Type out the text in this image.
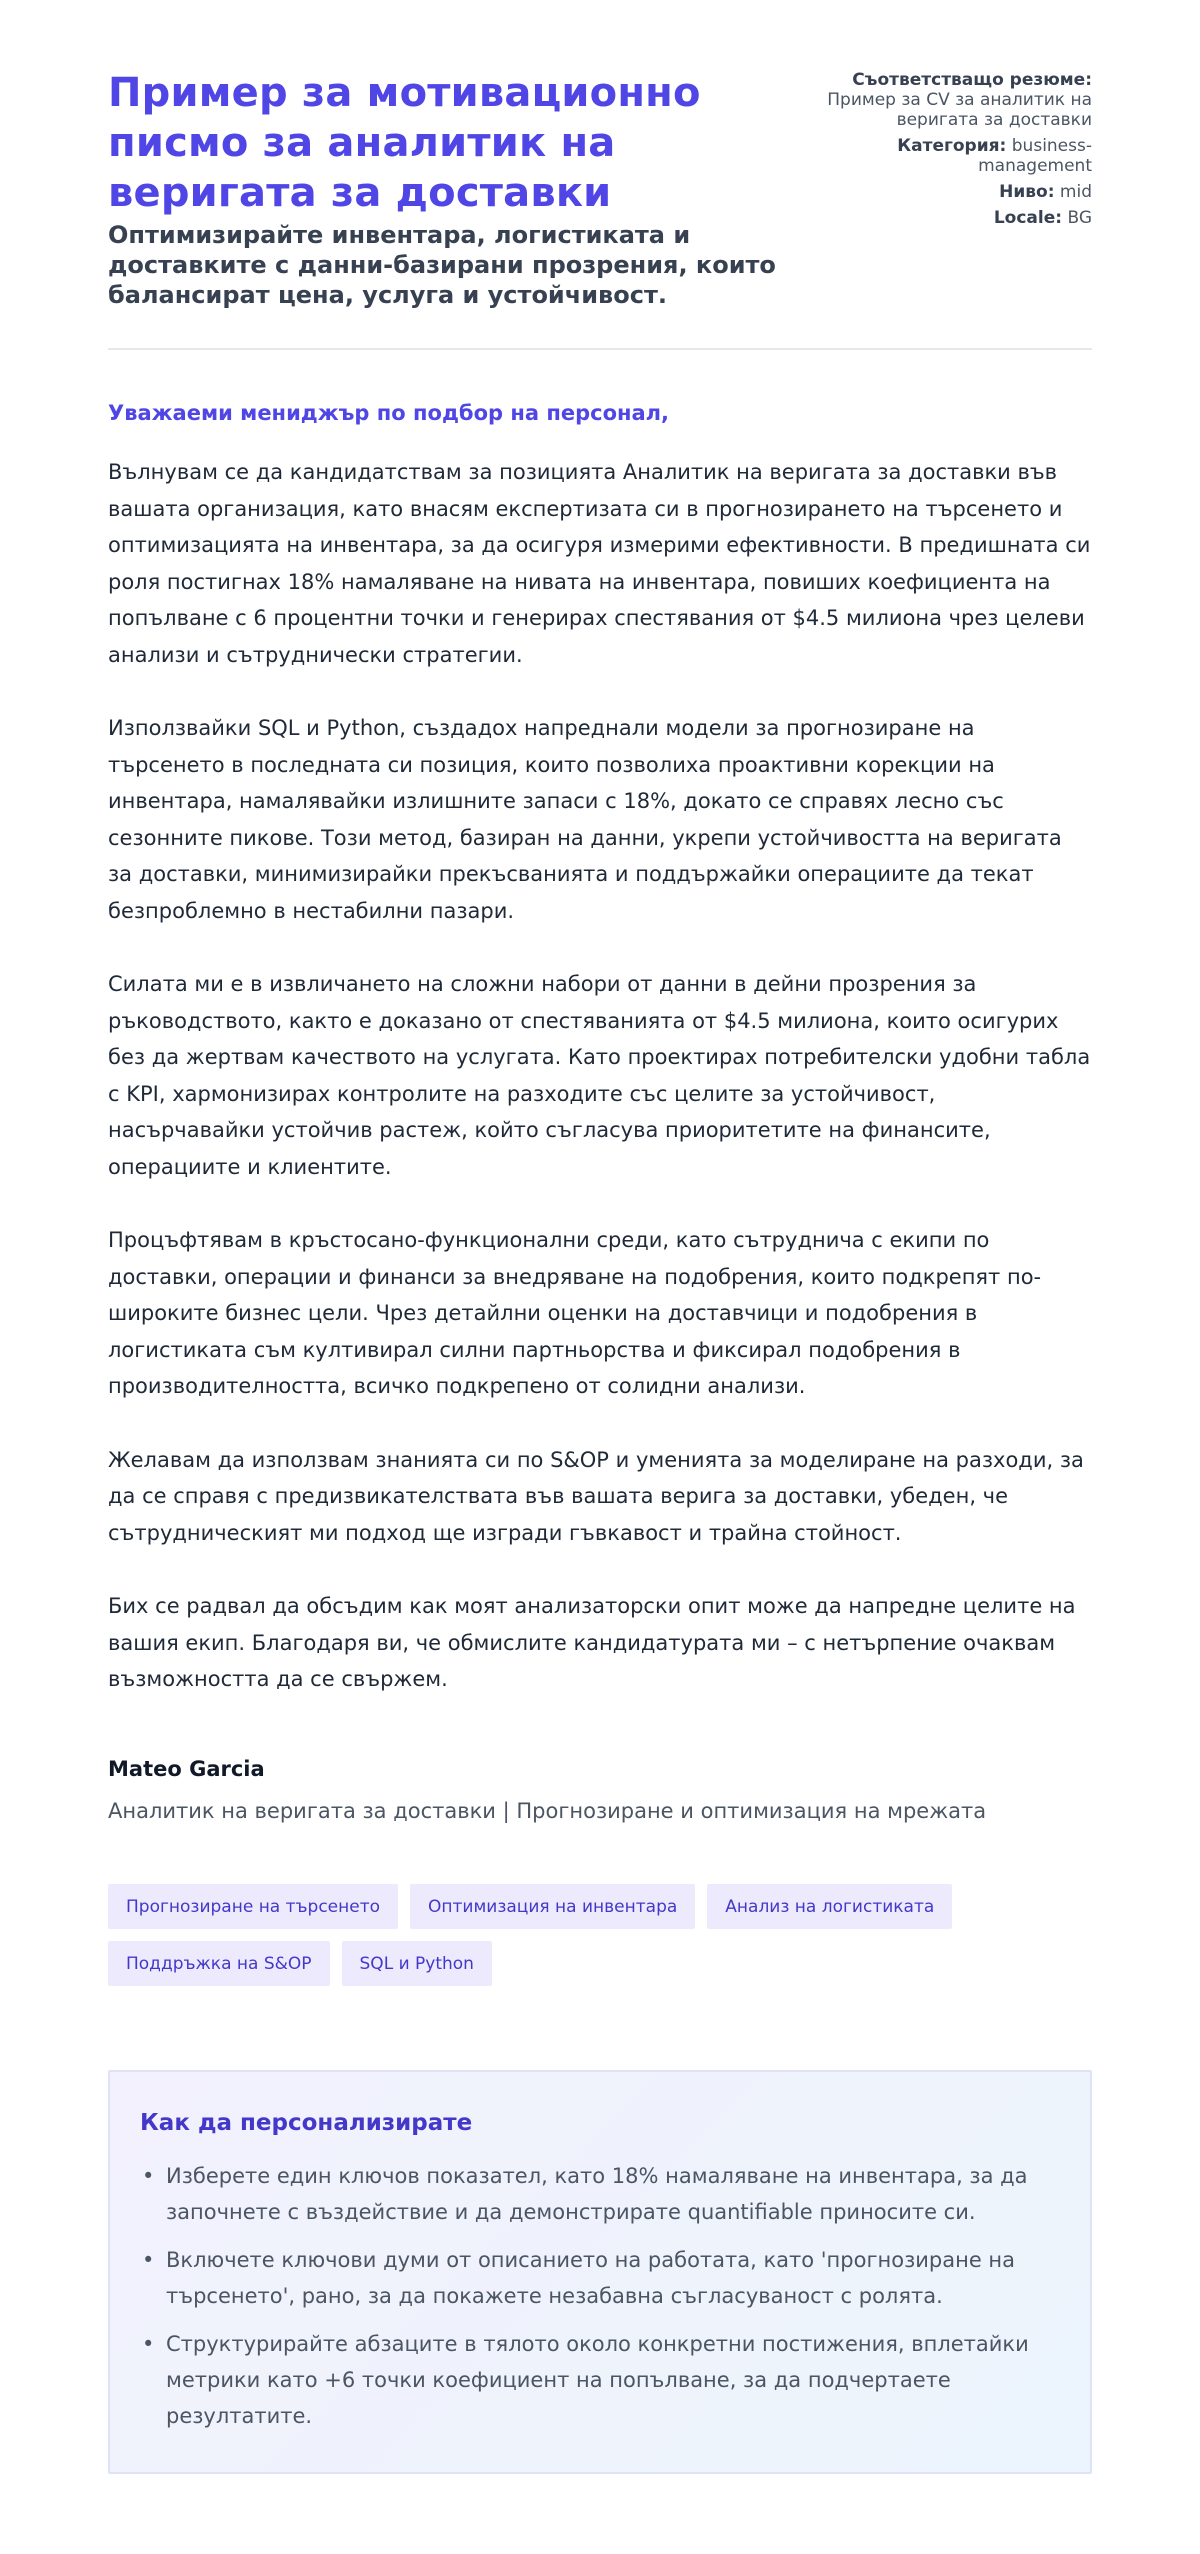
Пример за мотивационно писмо за аналитик на веригата за доставки
Оптимизирайте инвентара, логистиката и доставките с данни-базирани прозрения, които балансират цена, услуга и устойчивост.
Съответстващо резюме:
Пример за CV за аналитик на веригата за доставки
Категория: business-management
Ниво: mid
Locale: BG

Уважаеми мениджър по подбор на персонал,

Вълнувам се да кандидатствам за позицията Аналитик на веригата за доставки във вашата организация, като внасям експертизата си в прогнозирането на търсенето и оптимизацията на инвентара, за да осигуря измерими ефективности. В предишната си роля постигнах 18% намаляване на нивата на инвентара, повиших коефициента на попълване с 6 процентни точки и генерирах спестявания от $4.5 милиона чрез целеви анализи и сътруднически стратегии.

Използвайки SQL и Python, създадох напреднали модели за прогнозиране на търсенето в последната си позиция, които позволиха проактивни корекции на инвентара, намалявайки излишните запаси с 18%, докато се справях лесно със сезонните пикове. Този метод, базиран на данни, укрепи устойчивостта на веригата за доставки, минимизирайки прекъсванията и поддържайки операциите да текат безпроблемно в нестабилни пазари.

Силата ми е в извличането на сложни набори от данни в дейни прозрения за ръководството, както е доказано от спестяванията от $4.5 милиона, които осигурих без да жертвам качеството на услугата. Като проектирах потребителски удобни табла с KPI, хармонизирах контролите на разходите със целите за устойчивост, насърчавайки устойчив растеж, който съгласува приоритетите на финансите, операциите и клиентите.

Процъфтявам в кръстосано-функционални среди, като сътруднича с екипи по доставки, операции и финанси за внедряване на подобрения, които подкрепят по-широките бизнес цели. Чрез детайлни оценки на доставчици и подобрения в логистиката съм култивирал силни партньорства и фиксирал подобрения в производителността, всичко подкрепено от солидни анализи.

Желавам да използвам знанията си по S&OP и уменията за моделиране на разходи, за да се справя с предизвикателствата във вашата верига за доставки, убеден, че сътрудническият ми подход ще изгради гъвкавост и трайна стойност.

Бих се радвал да обсъдим как моят анализаторски опит може да напредне целите на вашия екип. Благодаря ви, че обмислите кандидатурата ми – с нетърпение очаквам възможността да се свържем.

Mateo Garcia
Аналитик на веригата за доставки | Прогнозиране и оптимизация на мрежата
Прогнозиране на търсенето	Оптимизация на инвентара	Анализ на логистиката
Поддръжка на S&OP	SQL и Python
Как да персонализирате
• Изберете един ключов показател, като 18% намаляване на инвентара, за да започнете с въздействие и да демонстрирате quantifiable приносите си.
• Включете ключови думи от описанието на работата, като 'прогнозиране на търсенето', рано, за да покажете незабавна съгласуваност с ролята.
• Структурирайте абзаците в тялото около конкретни постижения, вплетайки метрики като +6 точки коефициент на попълване, за да подчертаете резултатите.
